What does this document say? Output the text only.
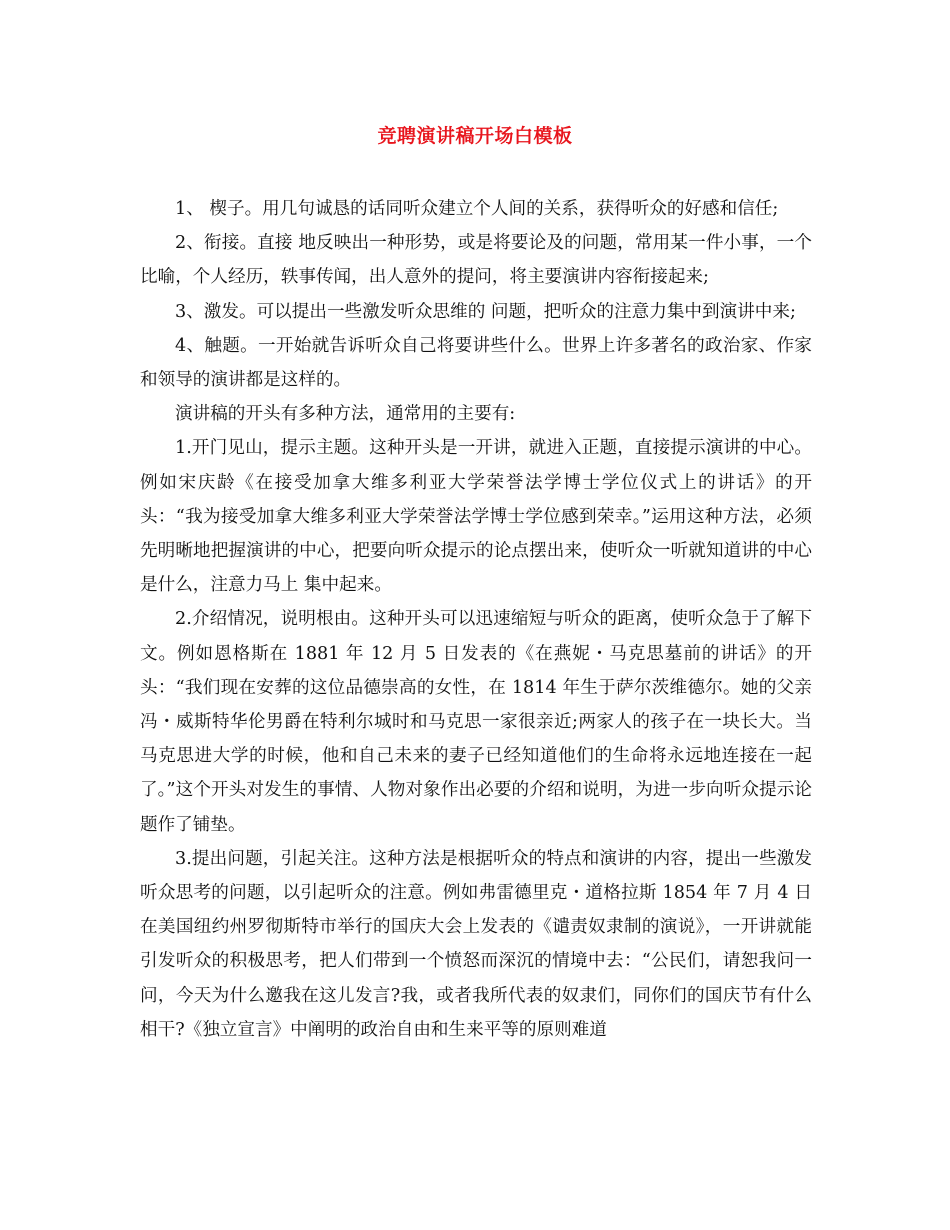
竞聘演讲稿开场白模板

1、 楔子。用几句诚恳的话同听众建立个人间的关系，获得听众的好感和信任;

2、衔接。直接 地反映出一种形势，或是将要论及的问题，常用某一件小事，一个比喻，个人经历，轶事传闻，出人意外的提问，将主要演讲内容衔接起来;

3、激发。可以提出一些激发听众思维的 问题，把听众的注意力集中到演讲中来;

4、触题。一开始就告诉听众自己将要讲些什么。世界上许多著名的政治家、作家和领导的演讲都是这样的。

演讲稿的开头有多种方法，通常用的主要有:

1.开门见山，提示主题。这种开头是一开讲，就进入正题，直接提示演讲的中心。例如宋庆龄《在接受加拿大维多利亚大学荣誉法学博士学位仪式上的讲话》的开头：“我为接受加拿大维多利亚大学荣誉法学博士学位感到荣幸。”运用这种方法，必须先明晰地把握演讲的中心，把要向听众提示的论点摆出来，使听众一听就知道讲的中心是什么，注意力马上 集中起来。

2.介绍情况，说明根由。这种开头可以迅速缩短与听众的距离，使听众急于了解下文。例如恩格斯在 1881 年 12 月 5 日发表的《在燕妮・马克思墓前的讲话》的开头：“我们现在安葬的这位品德崇高的女性，在 1814 年生于萨尔茨维德尔。她的父亲冯・威斯特华伦男爵在特利尔城时和马克思一家很亲近;两家人的孩子在一块长大。当马克思进大学的时候，他和自己未来的妻子已经知道他们的生命将永远地连接在一起了。”这个开头对发生的事情、人物对象作出必要的介绍和说明，为进一步向听众提示论题作了铺垫。

3.提出问题，引起关注。这种方法是根据听众的特点和演讲的内容，提出一些激发听众思考的问题，以引起听众的注意。例如弗雷德里克・道格拉斯 1854 年 7 月 4 日在美国纽约州罗彻斯特市举行的国庆大会上发表的《谴责奴隶制的演说》，一开讲就能引发听众的积极思考，把人们带到一个愤怒而深沉的情境中去：“公民们，请恕我问一问，今天为什么邀我在这儿发言?我，或者我所代表的奴隶们，同你们的国庆节有什么相干?《独立宣言》中阐明的政治自由和生来平等的原则难道
